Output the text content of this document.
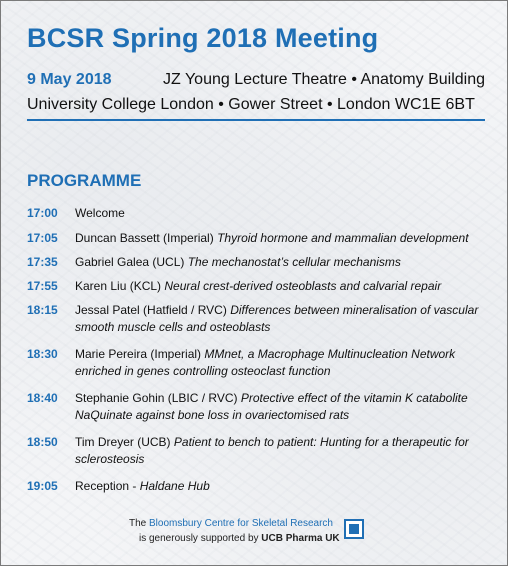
BCSR Spring 2018 Meeting
9 May 2018	JZ Young Lecture Theatre • Anatomy Building
University College London • Gower Street • London WC1E 6BT
PROGRAMME
17:00 Welcome
17:05 Duncan Bassett (Imperial) Thyroid hormone and mammalian development
17:35 Gabriel Galea (UCL) The mechanostat’s cellular mechanisms
17:55 Karen Liu (KCL) Neural crest-derived osteoblasts and calvarial repair
18:15 Jessal Patel (Hatfield / RVC) Differences between mineralisation of vascular smooth muscle cells and osteoblasts
18:30 Marie Pereira (Imperial) MMnet, a Macrophage Multinucleation Network enriched in genes controlling osteoclast function
18:40 Stephanie Gohin (LBIC / RVC) Protective effect of the vitamin K catabolite NaQuinate against bone loss in ovariectomised rats
18:50 Tim Dreyer (UCB) Patient to bench to patient: Hunting for a therapeutic for sclerosteosis
19:05 Reception - Haldane Hub
The Bloomsbury Centre for Skeletal Research
is generously supported by UCB Pharma UK
